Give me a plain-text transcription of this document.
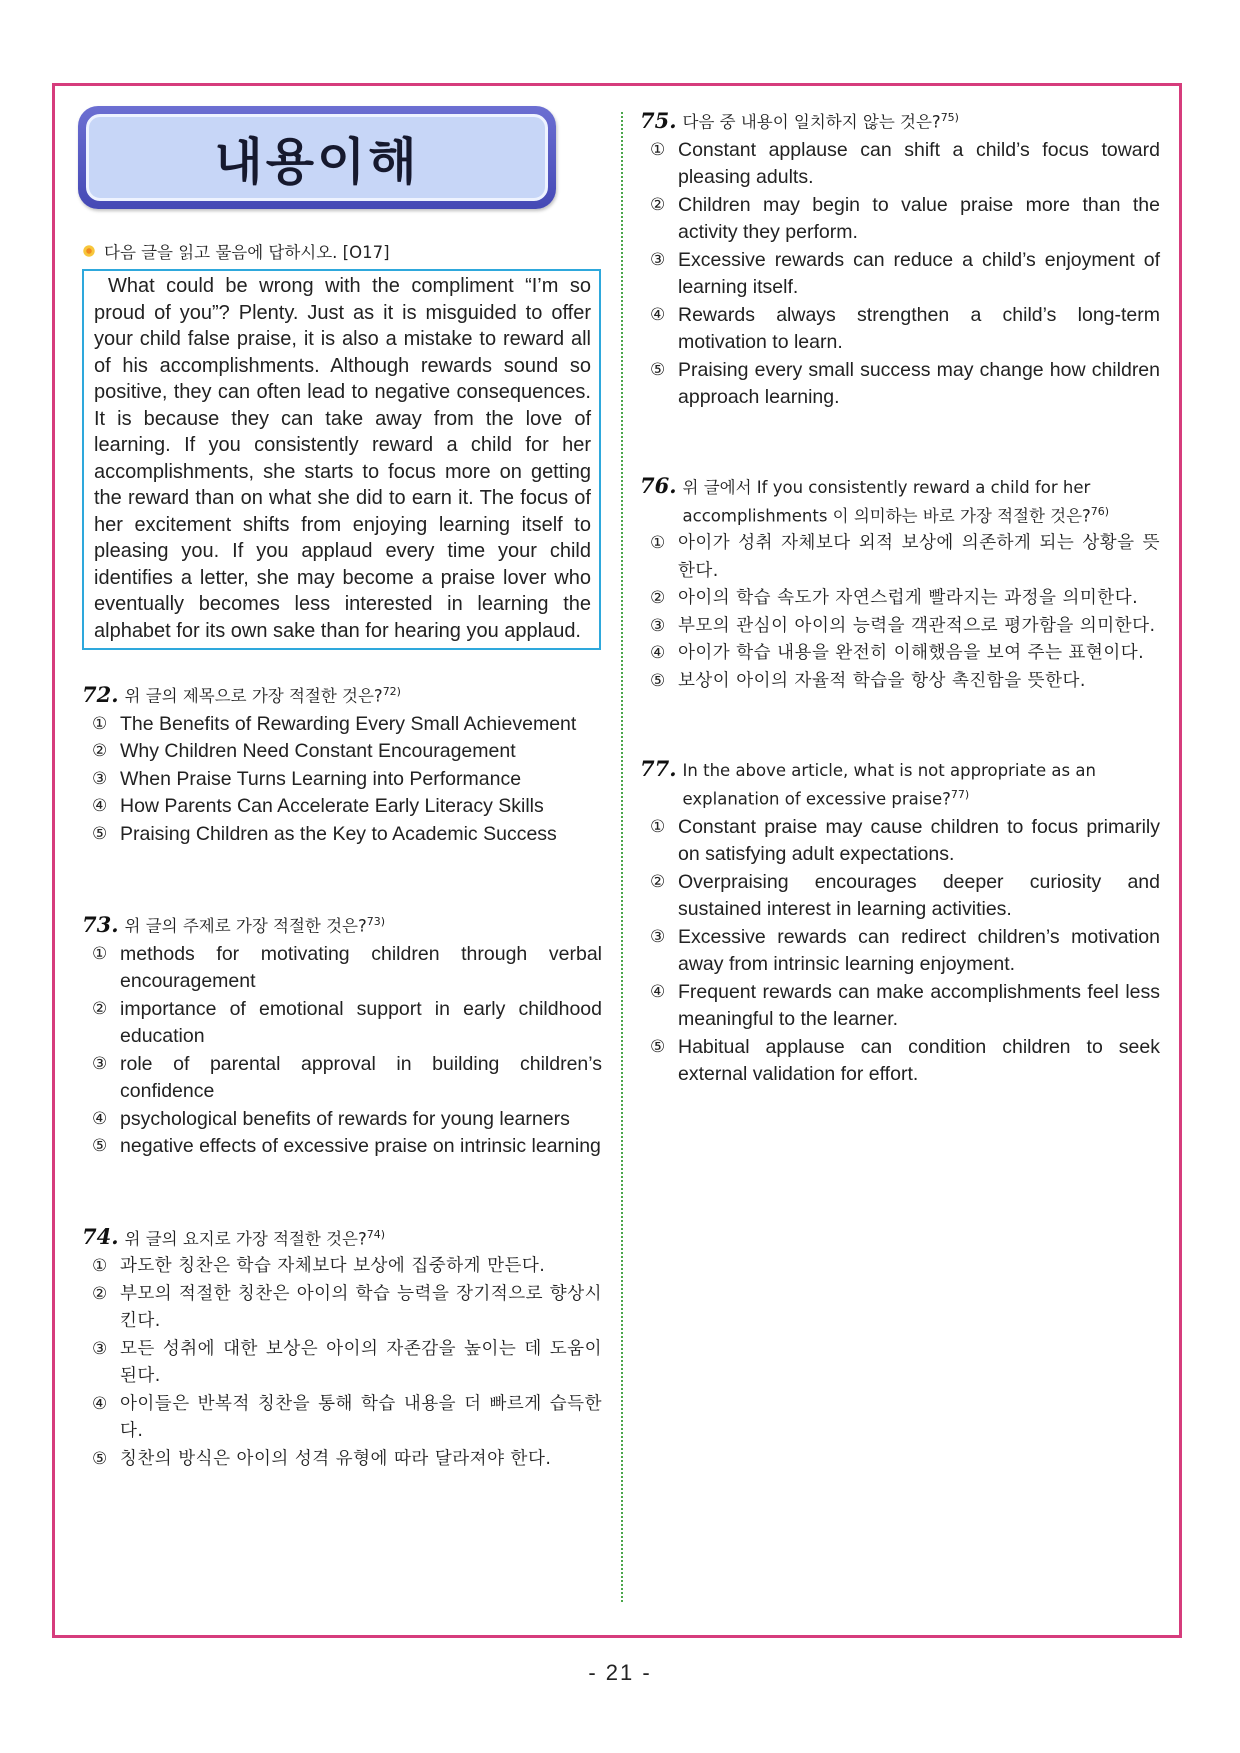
내용이해
다음 글을 읽고 물음에 답하시오. [O17]
What could be wrong with the compliment “I’m so proud of you”? Plenty. Just as it is misguided to offer your child false praise, it is also a mistake to reward all of his accomplishments. Although rewards sound so positive, they can often lead to negative consequences. It is because they can take away from the love of learning. If you consistently reward a child for her accomplishments, she starts to focus more on getting the reward than on what she did to earn it. The focus of her excitement shifts from enjoying learning itself to pleasing you. If you applaud every time your child identifies a letter, she may become a praise lover who eventually becomes less interested in learning the alphabet for its own sake than for hearing you applaud.
72. 위 글의 제목으로 가장 적절한 것은?$^{72)}$
① The Benefits of Rewarding Every Small Achievement
② Why Children Need Constant Encouragement
③ When Praise Turns Learning into Performance
④ How Parents Can Accelerate Early Literacy Skills
⑤ Praising Children as the Key to Academic Success
73. 위 글의 주제로 가장 적절한 것은?$^{73)}$
① methods for motivating children through verbal encouragement
② importance of emotional support in early childhood education
③ role of parental approval in building children’s confidence
④ psychological benefits of rewards for young learners
⑤ negative effects of excessive praise on intrinsic learning
74. 위 글의 요지로 가장 적절한 것은?$^{74)}$
① 과도한 칭찬은 학습 자체보다 보상에 집중하게 만든다.
② 부모의 적절한 칭찬은 아이의 학습 능력을 장기적으로 향상시킨다.
③ 모든 성취에 대한 보상은 아이의 자존감을 높이는 데 도움이 된다.
④ 아이들은 반복적 칭찬을 통해 학습 내용을 더 빠르게 습득한다.
⑤ 칭찬의 방식은 아이의 성격 유형에 따라 달라져야 한다.
75. 다음 중 내용이 일치하지 않는 것은?$^{75)}$
① Constant applause can shift a child’s focus toward pleasing adults.
② Children may begin to value praise more than the activity they perform.
③ Excessive rewards can reduce a child’s enjoyment of learning itself.
④ Rewards always strengthen a child’s long-term motivation to learn.
⑤ Praising every small success may change how children approach learning.
76. 위 글에서 If you consistently reward a child for her accomplishments 이 의미하는 바로 가장 적절한 것은?$^{76)}$
① 아이가 성취 자체보다 외적 보상에 의존하게 되는 상황을 뜻한다.
② 아이의 학습 속도가 자연스럽게 빨라지는 과정을 의미한다.
③ 부모의 관심이 아이의 능력을 객관적으로 평가함을 의미한다.
④ 아이가 학습 내용을 완전히 이해했음을 보여 주는 표현이다.
⑤ 보상이 아이의 자율적 학습을 항상 촉진함을 뜻한다.
77. In the above article, what is not appropriate as an explanation of excessive praise?$^{77)}$
① Constant praise may cause children to focus primarily on satisfying adult expectations.
② Overpraising encourages deeper curiosity and sustained interest in learning activities.
③ Excessive rewards can redirect children’s motivation away from intrinsic learning enjoyment.
④ Frequent rewards can make accomplishments feel less meaningful to the learner.
⑤ Habitual applause can condition children to seek external validation for effort.
- 21 -
